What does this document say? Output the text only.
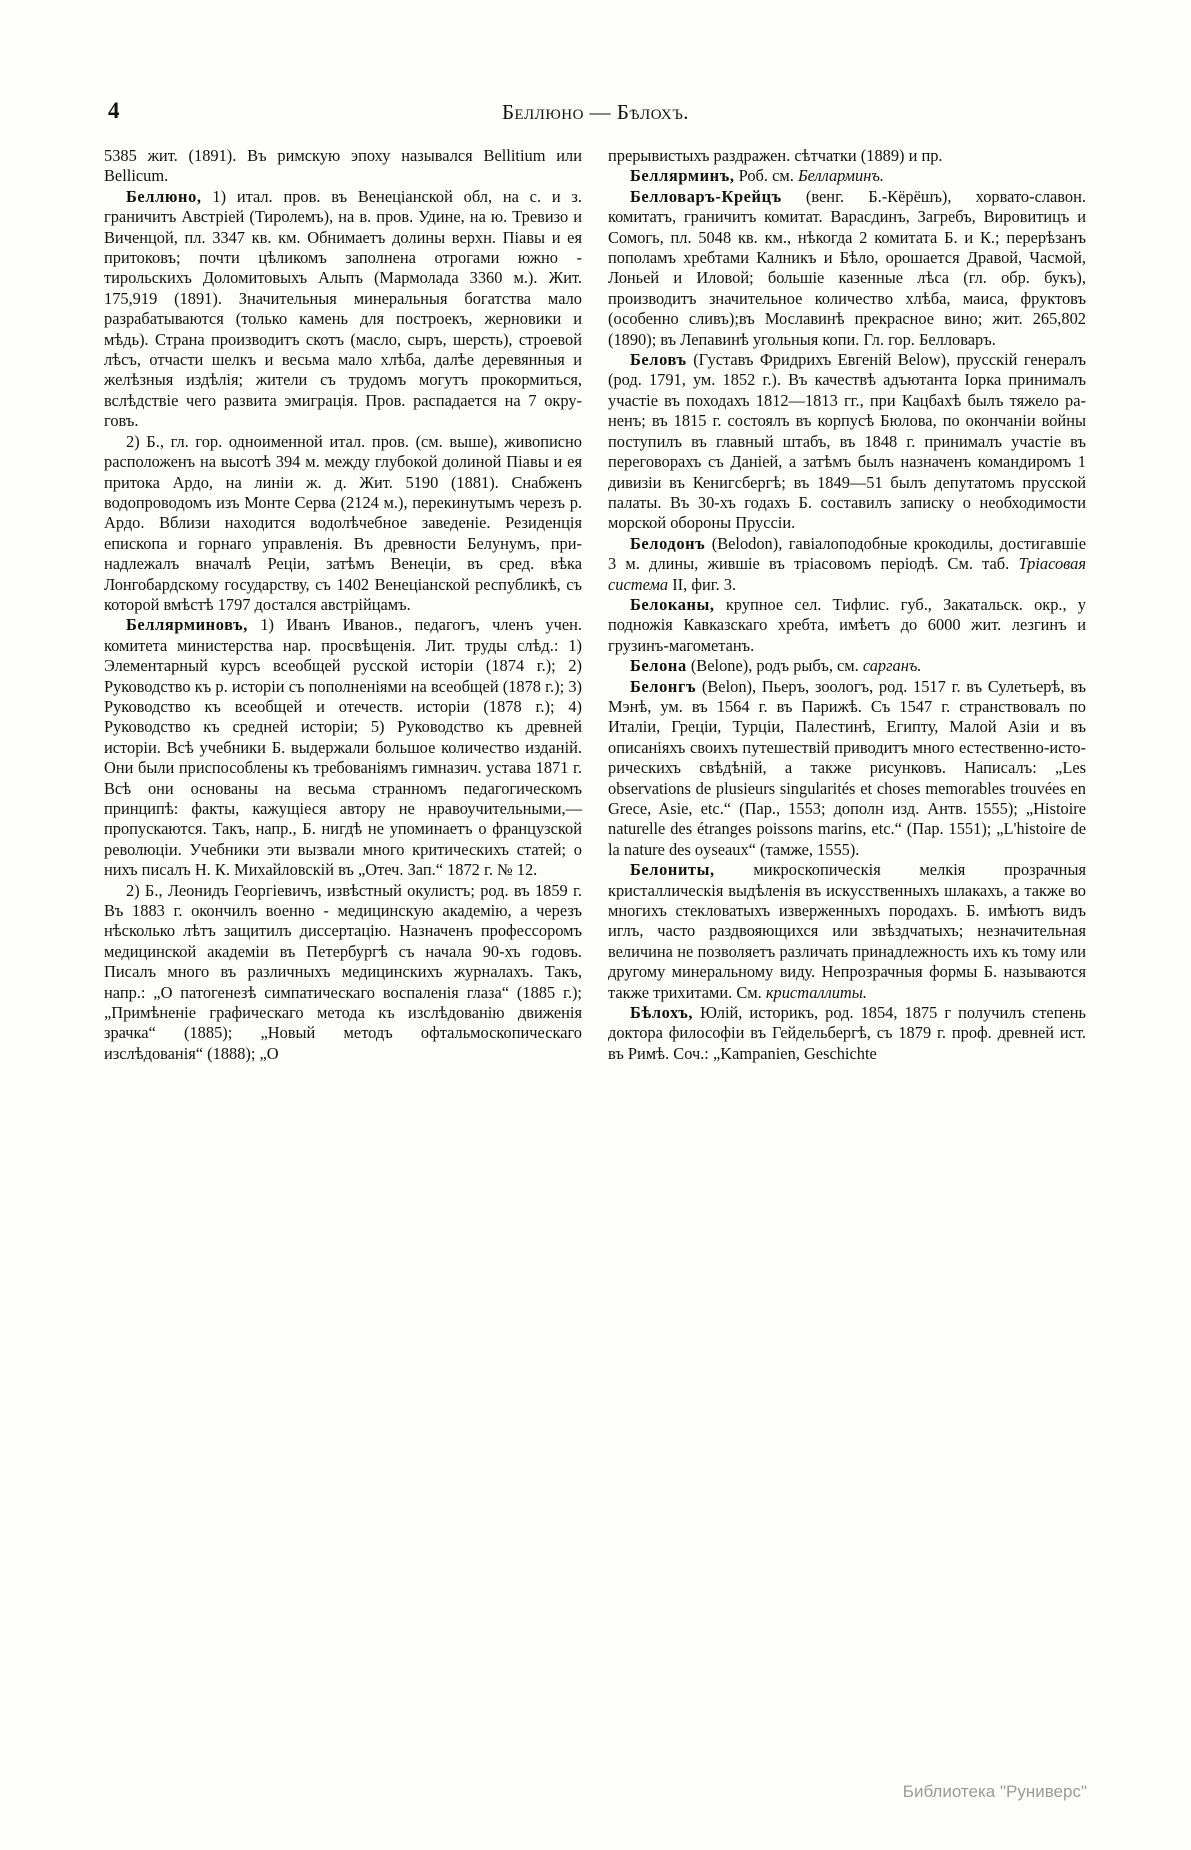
4	Беллюно — Бѣлохъ.

5385 жит. (1891). Въ римскую эпоху назывался Bellitium или Bellicum.

Беллюно, 1) итал. пров. въ Венеціанской обл, на с. и з. граничитъ Австріей (Тиролемъ), на в. пров. Удине, на ю. Тревизо и Виченцой, пл. 3347 кв. км. Обнимаетъ долины верхн. Піавы и ея притоковъ; почти цѣликомъ заполнена отрогами южно - тирольскихъ Доломитовыхъ Альпъ (Мармолада 3360 м.). Жит. 175,919 (1891). Значительныя минеральныя богатства мало разрабатываются (только камень для построекъ, жерновики и мѣдь). Страна производитъ скотъ (масло, сыръ, шерсть), строевой лѣсъ, отчасти шелкъ и весьма мало хлѣба, далѣе деревянныя и желѣзныя издѣлія; жители съ трудомъ могутъ прокормиться, вслѣдствіе чего развита эмиграція. Пров. распадается на 7 округовъ.

2) Б., гл. гор. одноименной итал. пров. (см. выше), живописно расположенъ на высотѣ 394 м. между глубокой долиной Піавы и ея притока Ардо, на линіи ж. д. Жит. 5190 (1881). Снабженъ водопроводомъ изъ Монте Серва (2124 м.), перекинутымъ черезъ р. Ардо. Вблизи находится водолѣчебное заведеніе. Резиденція епископа и горнаго управленія. Въ древности Белунумъ, принадлежалъ вначалѣ Реціи, затѣмъ Венеціи, въ сред. вѣка Лонгобардскому государству, съ 1402 Венеціанской республикѣ, съ которой вмѣстѣ 1797 достался австрійцамъ.

Беллярминовъ, 1) Иванъ Иванов., педагогъ, членъ учен. комитета министерства нар. просвѣщенія. Лит. труды слѣд.: 1) Элементарный курсъ всеобщей русской исторіи (1874 г.); 2) Руководство къ р. исторіи съ пополненіями на всеобщей (1878 г.); 3) Руководство къ всеобщей и отечеств. исторіи (1878 г.); 4) Руководство къ средней исторіи; 5) Руководство къ древней исторіи. Всѣ учебники Б. выдержали большое количество изданій. Они были приспособлены къ требованіямъ гимназич. устава 1871 г. Всѣ они основаны на весьма странномъ педагогическомъ принципѣ: факты, кажущіеся автору не нравоучительными,—пропускаются. Такъ, напр., Б. нигдѣ не упоминаетъ о французской революціи. Учебники эти вызвали много критическихъ статей; о нихъ писалъ Н. К. Михайловскій въ „Отеч. Зап.“ 1872 г. № 12.

2) Б., Леонидъ Георгіевичъ, извѣстный окулистъ; род. въ 1859 г. Въ 1883 г. окончилъ военно - медицинскую академію, а черезъ нѣсколько лѣтъ защитилъ диссертацію. Назначенъ профессоромъ медицинской академіи въ Петербургѣ съ начала 90-хъ годовъ. Писалъ много въ различныхъ медицинскихъ журналахъ. Такъ, напр.: „О патогенезѣ симпатическаго воспаленія глаза“ (1885 г.); „Примѣненіе графическаго метода къ изслѣдованію движенія зрачка“ (1885); „Новый методъ офтальмоскопическаго изслѣдованія“ (1888); „О

прерывистыхъ раздражен. сѣтчатки (1889) и пр.

Беллярминъ, Роб. см. Белларминъ.

Белловаръ-Крейцъ (венг. Б.-Кёрёшъ), хорвато-славон. комитатъ, граничитъ комитат. Варасдинъ, Загребъ, Вировитицъ и Сомогь, пл. 5048 кв. км., нѣкогда 2 комитата Б. и К.; перерѣзанъ пополамъ хребтами Калникъ и Бѣло, орошается Дравой, Часмой, Лоньей и Иловой; большіе казенные лѣса (гл. обр. букъ), производитъ значительное количество хлѣба, маиса, фруктовъ (особенно сливъ);въ Мославинѣ прекрасное вино; жит. 265,802 (1890); въ Лепавинѣ угольныя копи. Гл. гор. Белловаръ.

Беловъ (Густавъ Фридрихъ Евгеній Below), прусскій генералъ (род. 1791, ум. 1852 г.). Въ качествѣ адъютанта Іорка принималъ участіе въ походахъ 1812—1813 гг., при Кацбахѣ былъ тяжело раненъ; въ 1815 г. состоялъ въ корпусѣ Бюлова, по окончаніи войны поступилъ въ главный штабъ, въ 1848 г. принималъ участіе въ переговорахъ съ Даніей, а затѣмъ былъ назначенъ командиромъ 1 дивизіи въ Кенигсбергѣ; въ 1849—51 былъ депутатомъ прусской палаты. Въ 30-хъ годахъ Б. составилъ записку о необходимости морской обороны Пруссіи.

Белодонъ (Belodon), гавіалоподобные крокодилы, достигавшіе 3 м. длины, жившіе въ тріасовомъ періодѣ. См. таб. Тріасовая система II, фиг. 3.

Белоканы, крупное сел. Тифлис. губ., Закатальск. окр., у подножія Кавказскаго хребта, имѣетъ до 6000 жит. лезгинъ и грузинъ-магометанъ.

Белона (Belone), родъ рыбъ, см. сарганъ.

Белонгъ (Belon), Пьеръ, зоологъ, род. 1517 г. въ Сулетьерѣ, въ Мэнѣ, ум. въ 1564 г. въ Парижѣ. Съ 1547 г. странствовалъ по Италіи, Греціи, Турціи, Палестинѣ, Египту, Малой Азіи и въ описаніяхъ своихъ путешествій приводитъ много естественно-историческихъ свѣдѣній, а также рисунковъ. Написалъ: „Les observations de plusieurs singularités et choses memorables trouvées en Grece, Asie, etc.“ (Пар., 1553; дополн изд. Антв. 1555); „Histoire naturelle des étranges poissons marins, etc.“ (Пар. 1551); „L'histoire de la nature des oyseaux“ (тамже, 1555).

Белониты, микроскопическія мелкія прозрачныя кристаллическія выдѣленія въ искусственныхъ шлакахъ, а также во многихъ стекловатыхъ изверженныхъ породахъ. Б. имѣютъ видъ иглъ, часто раздвояющихся или звѣздчатыхъ; незначительная величина не позволяетъ различать принадлежность ихъ къ тому или другому минеральному виду. Непрозрачныя формы Б. называются также трихитами. См. кристаллиты.

Бѣлохъ, Юлій, историкъ, род. 1854, 1875 г получилъ степень доктора философіи въ Гейдельбергѣ, съ 1879 г. проф. древней ист. въ Римѣ. Соч.: „Kampanien, Geschichte

Библиотека "Руниверс"
